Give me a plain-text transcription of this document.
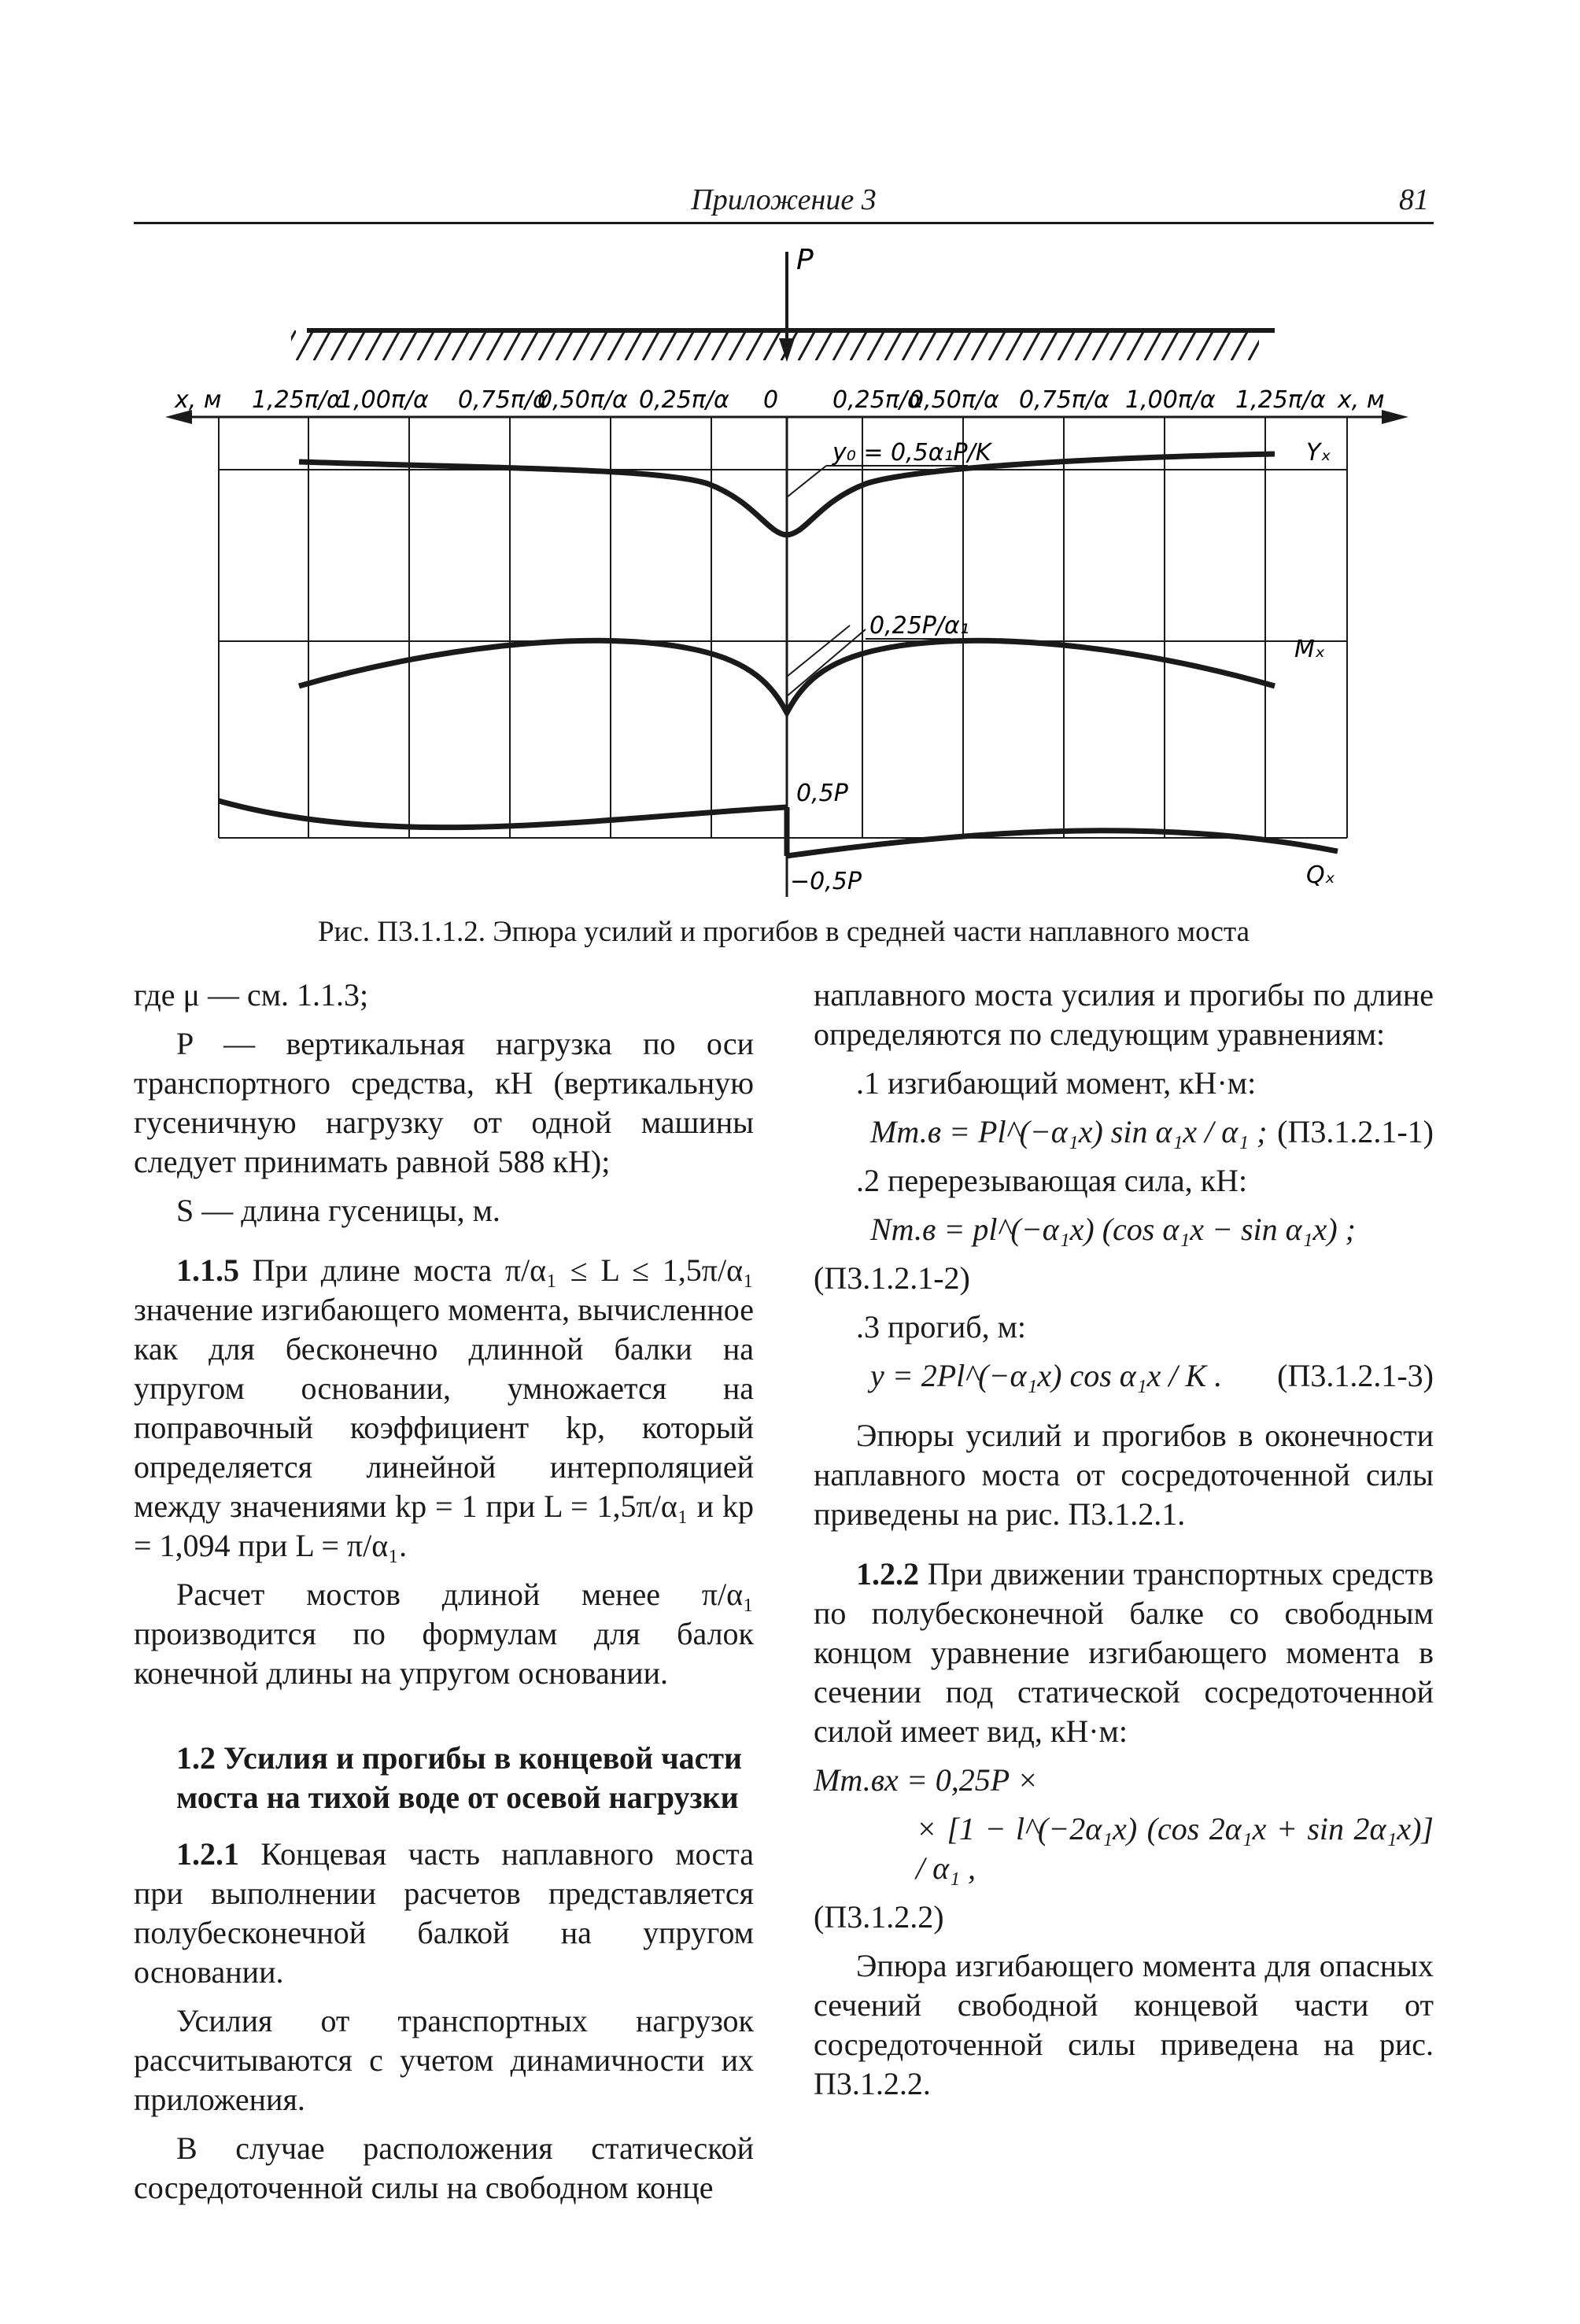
Приложение 3	81
P
x, м	x, м
1,25π/α
1,00π/α 0,75π/α
0,50π/α 0,25π/α 0 0,25π/α
0,50π/α 0,75π/α 1,00π/α 1,25π/α
y₀ = 0,5α₁P/K	Yₓ
0,25P/α₁
Mₓ
0,5P
−0,5P	Qₓ
Рис. П3.1.1.2. Эпюра усилий и прогибов в средней части наплавного моста

где μ — см. 1.1.3;

P — вертикальная нагрузка по оси транспортного средства, кН (вертикальную гусеничную нагрузку от одной машины следует принимать равной 588 кН);

S — длина гусеницы, м.

1.1.5 При длине моста π/α₁ ≤ L ≤ 1,5π/α₁ значение изгибающего момента, вычисленное как для бесконечно длинной балки на упругом основании, умножается на поправочный коэффициент kр, который определяется линейной интерполяцией между значениями kр = 1 при L = 1,5π/α₁ и kр = 1,094 при L = π/α₁.

Расчет мостов длиной менее π/α₁ производится по формулам для балок конечной длины на упругом основании.

1.2 Усилия и прогибы в концевой части моста на тихой воде от осевой нагрузки

1.2.1 Концевая часть наплавного моста при выполнении расчетов представляется полубесконечной балкой на упругом основании.

Усилия от транспортных нагрузок рассчитываются с учетом динамичности их приложения.

В случае расположения статической сосредоточенной силы на свободном конце

наплавного моста усилия и прогибы по длине определяются по следующим уравнениям:

.1 изгибающий момент, кН·м:

Mт.в = Pl^(−α₁x) sin α₁x / α₁ ; (П3.1.2.1-1)

.2 перерезывающая сила, кН:

Nт.в = pl^(−α₁x) (cos α₁x − sin α₁x) ;

(П3.1.2.1-2)

.3 прогиб, м:

y = 2Pl^(−α₁x) cos α₁x / K . (П3.1.2.1-3)

Эпюры усилий и прогибов в оконечности наплавного моста от сосредоточенной силы приведены на рис. П3.1.2.1.

1.2.2 При движении транспортных средств по полубесконечной балке со свободным концом уравнение изгибающего момента в сечении под статической сосредоточенной силой имеет вид, кН·м:

Mт.вх = 0,25P ×

× [1 − l^(−2α₁x) (cos 2α₁x + sin 2α₁x)] / α₁ ,

(П3.1.2.2)

Эпюра изгибающего момента для опасных сечений свободной концевой части от сосредоточенной силы приведена на рис. П3.1.2.2.
